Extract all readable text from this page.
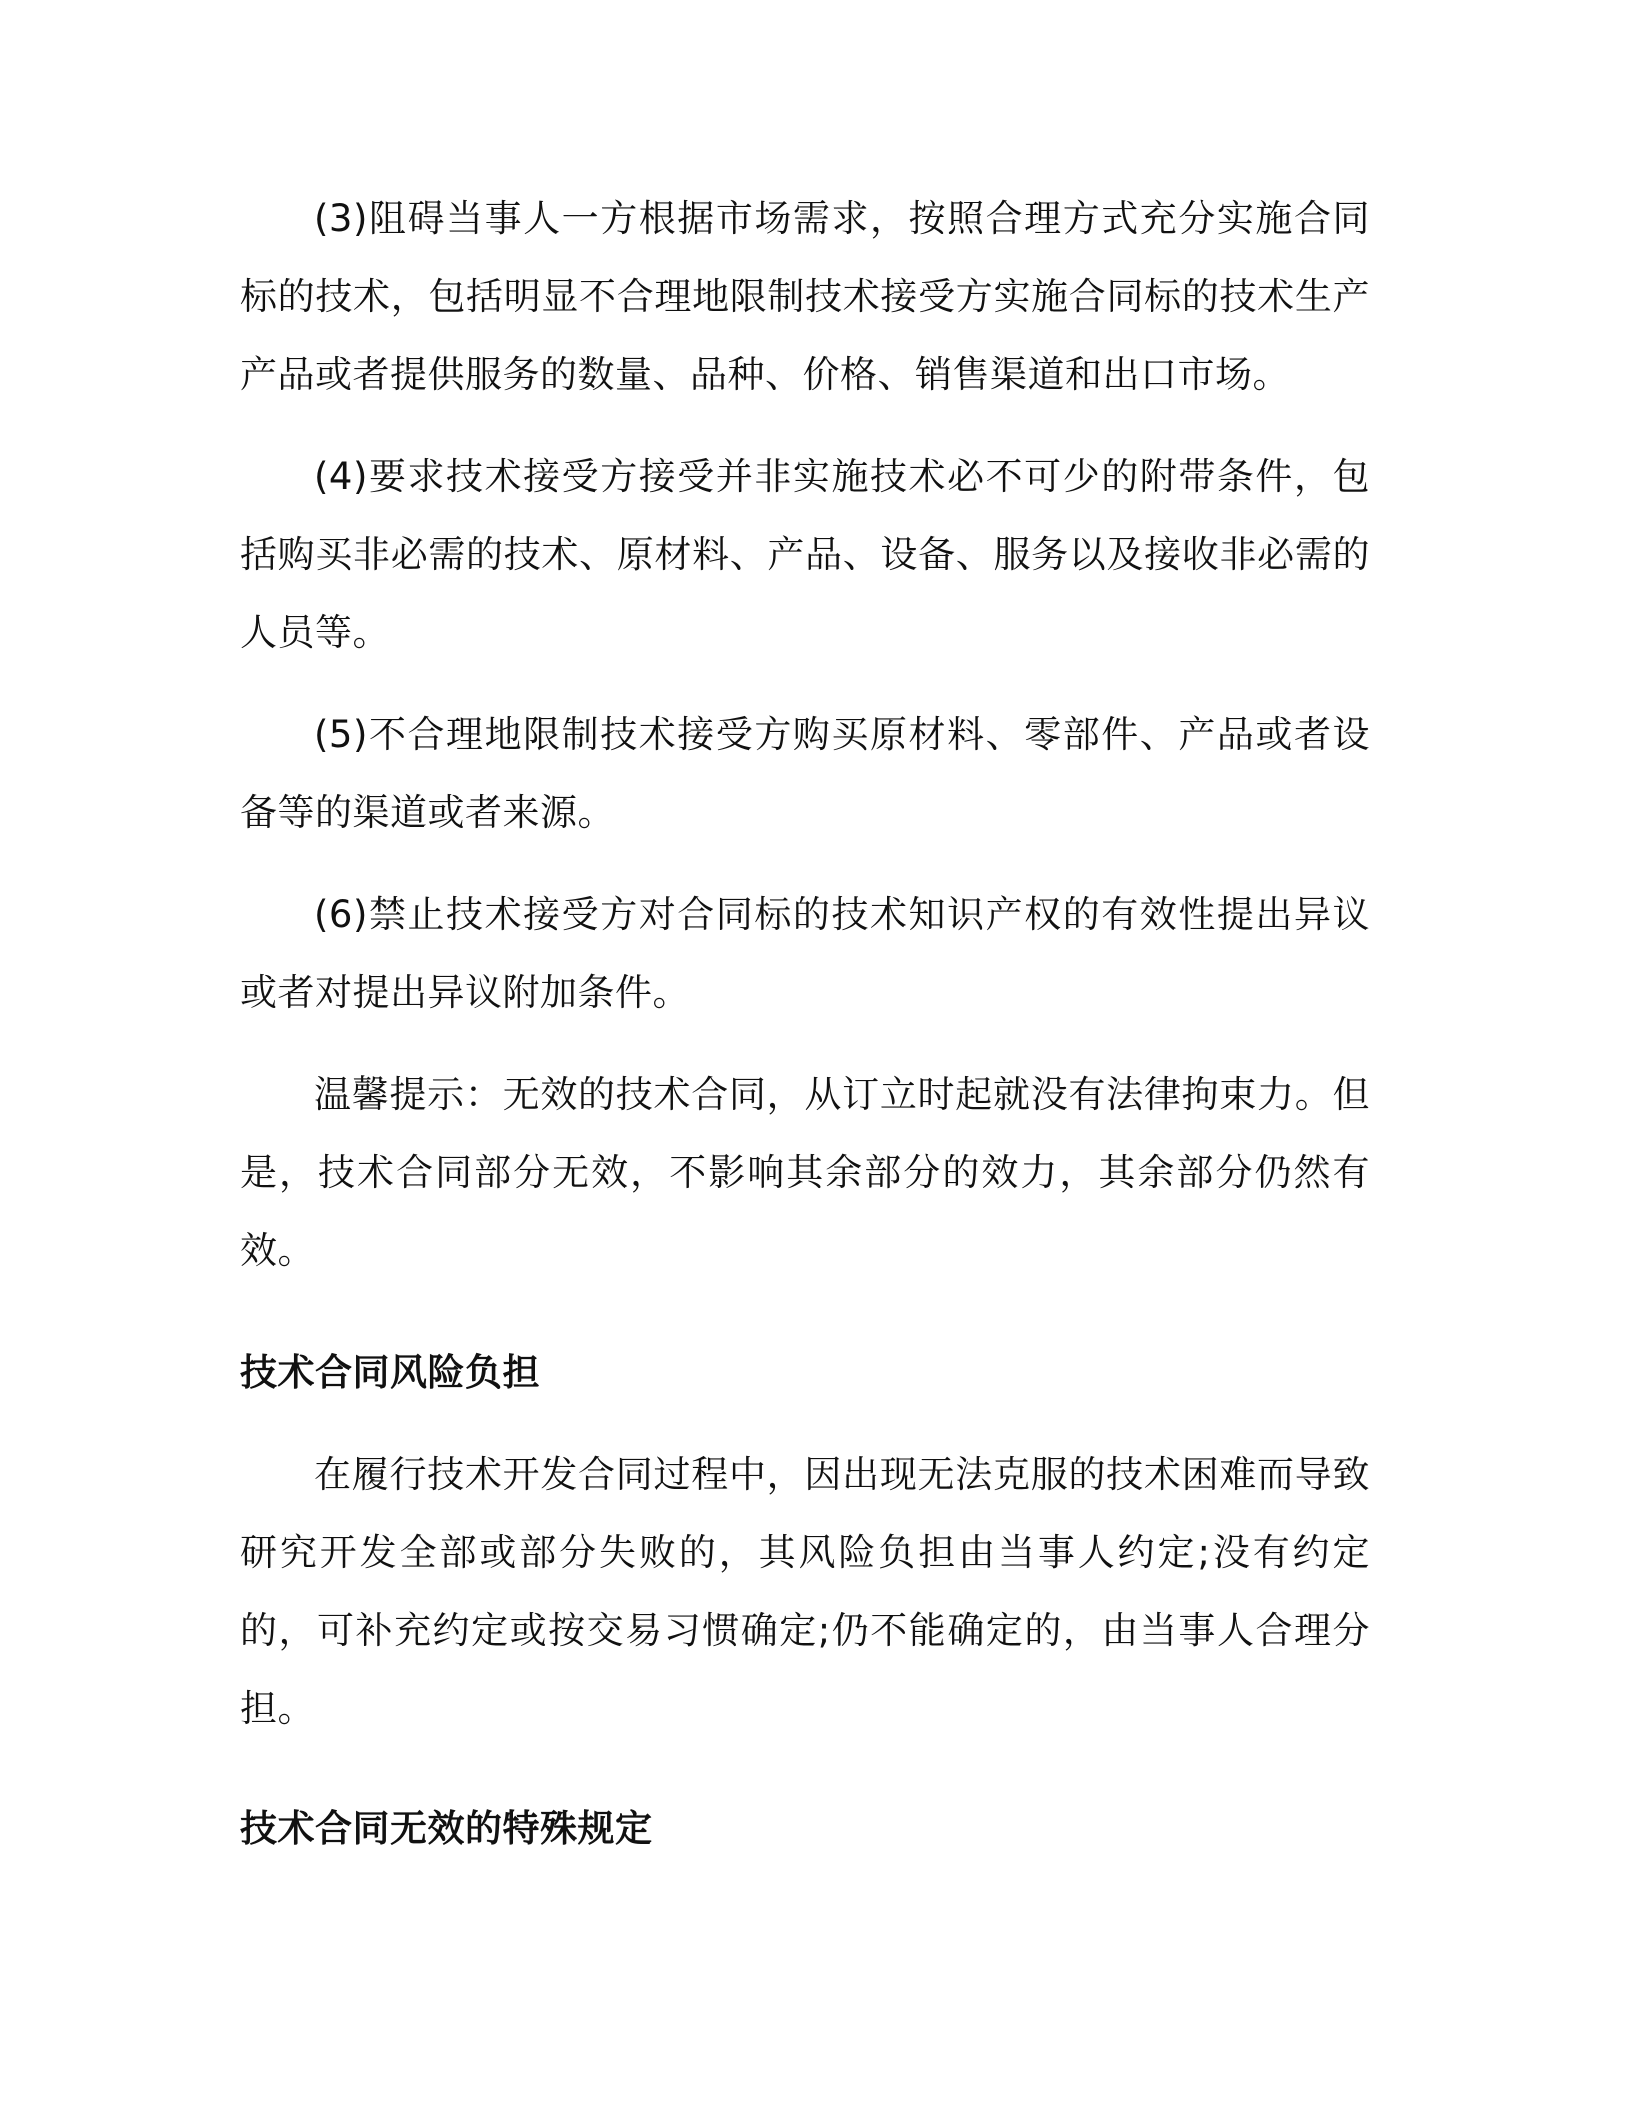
(3)阻碍当事人一方根据市场需求，按照合理方式充分实施合同标的技术，包括明显不合理地限制技术接受方实施合同标的技术生产产品或者提供服务的数量、品种、价格、销售渠道和出口市场。

(4)要求技术接受方接受并非实施技术必不可少的附带条件，包括购买非必需的技术、原材料、产品、设备、服务以及接收非必需的人员等。

(5)不合理地限制技术接受方购买原材料、零部件、产品或者设备等的渠道或者来源。

(6)禁止技术接受方对合同标的技术知识产权的有效性提出异议或者对提出异议附加条件。

温馨提示：无效的技术合同，从订立时起就没有法律拘束力。但是，技术合同部分无效，不影响其余部分的效力，其余部分仍然有效。

技术合同风险负担

在履行技术开发合同过程中，因出现无法克服的技术困难而导致研究开发全部或部分失败的，其风险负担由当事人约定;没有约定的，可补充约定或按交易习惯确定;仍不能确定的，由当事人合理分担。

技术合同无效的特殊规定
